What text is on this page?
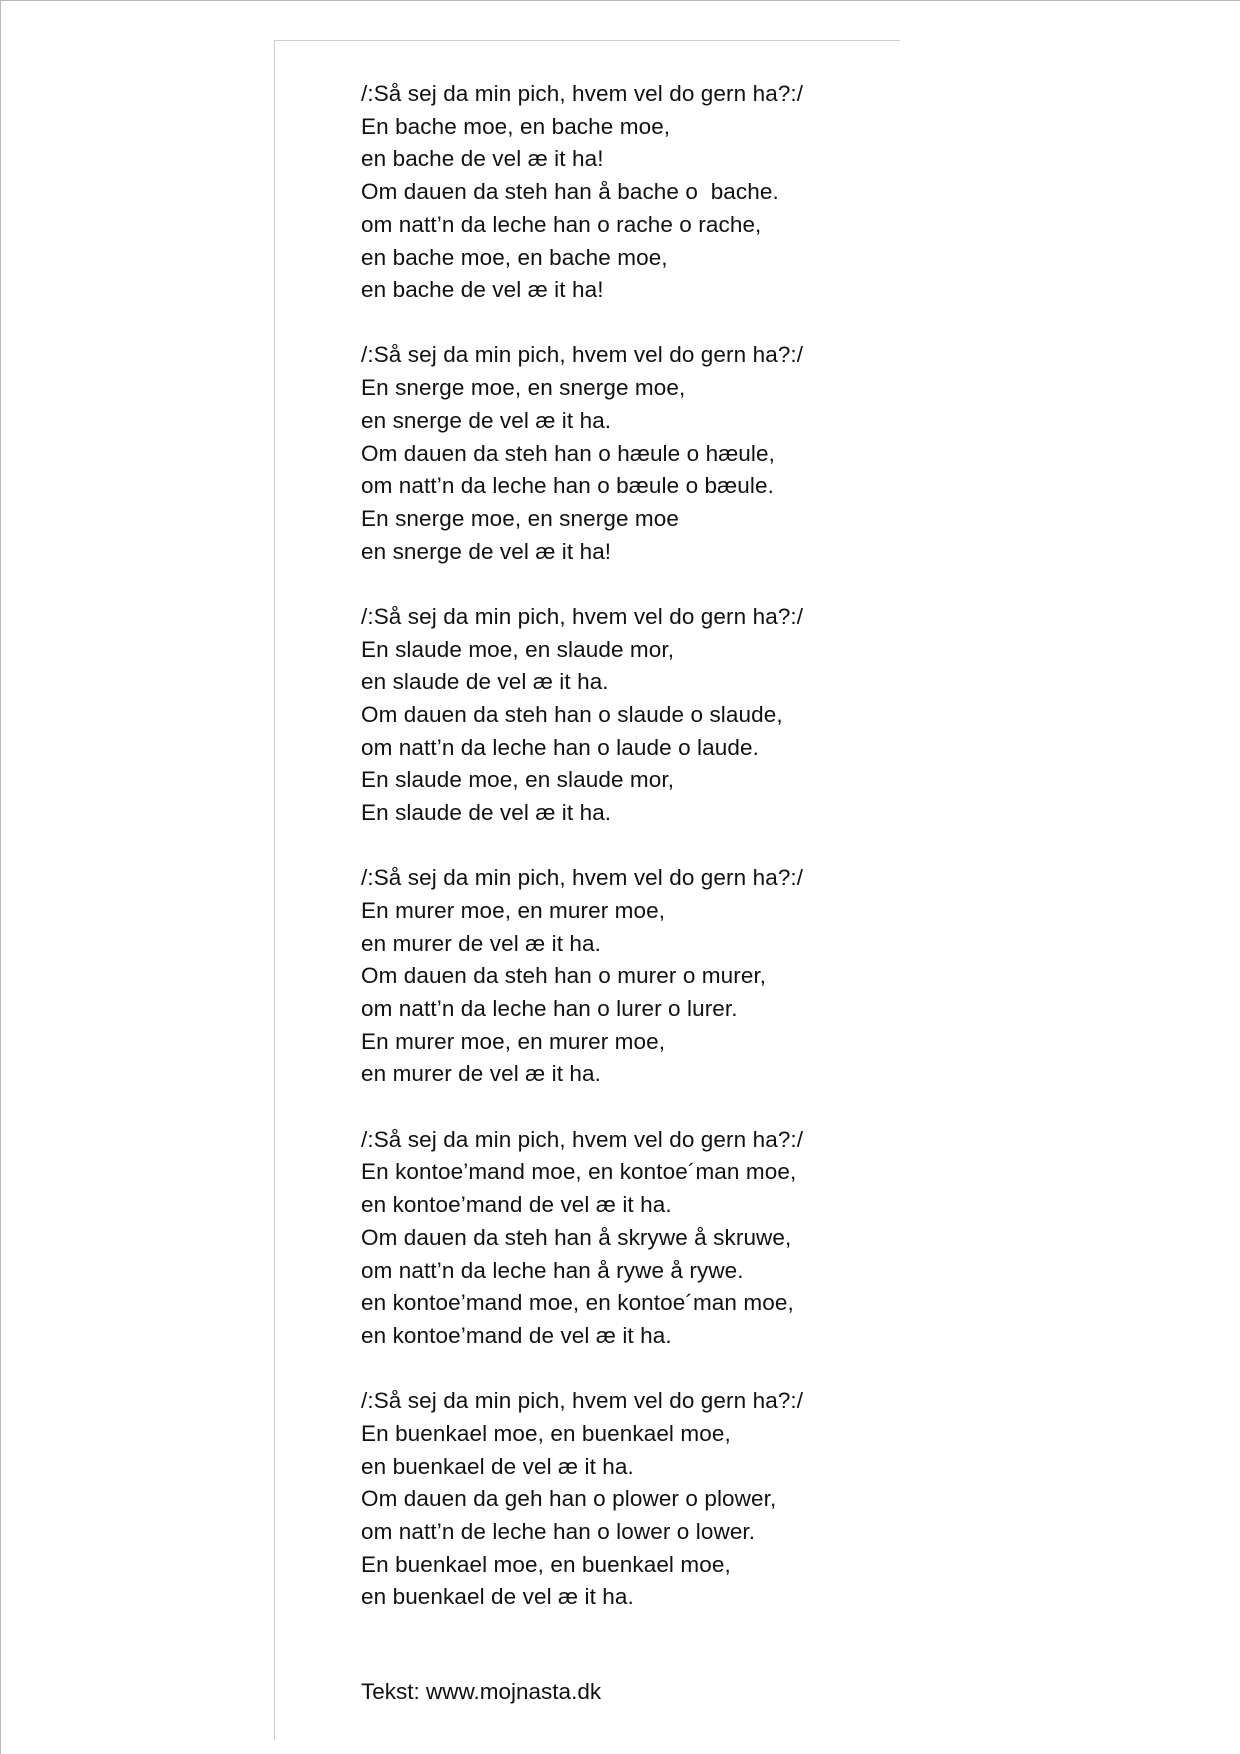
/:Så sej da min pich, hvem vel do gern ha?:/
En bache moe, en bache moe,
en bache de vel æ it ha!
Om dauen da steh han å bache o  bache.
om natt’n da leche han o rache o rache,
en bache moe, en bache moe,
en bache de vel æ it ha!
/:Så sej da min pich, hvem vel do gern ha?:/
En snerge moe, en snerge moe,
en snerge de vel æ it ha.
Om dauen da steh han o hæule o hæule,
om natt’n da leche han o bæule o bæule.
En snerge moe, en snerge moe
en snerge de vel æ it ha!
/:Så sej da min pich, hvem vel do gern ha?:/
En slaude moe, en slaude mor,
en slaude de vel æ it ha.
Om dauen da steh han o slaude o slaude,
om natt’n da leche han o laude o laude.
En slaude moe, en slaude mor,
En slaude de vel æ it ha.
/:Så sej da min pich, hvem vel do gern ha?:/
En murer moe, en murer moe,
en murer de vel æ it ha.
Om dauen da steh han o murer o murer,
om natt’n da leche han o lurer o lurer.
En murer moe, en murer moe,
en murer de vel æ it ha.
/:Så sej da min pich, hvem vel do gern ha?:/
En kontoe’mand moe, en kontoe´man moe,
en kontoe’mand de vel æ it ha.
Om dauen da steh han å skrywe å skruwe,
om natt’n da leche han å rywe å rywe.
en kontoe’mand moe, en kontoe´man moe,
en kontoe’mand de vel æ it ha.
/:Så sej da min pich, hvem vel do gern ha?:/
En buenkael moe, en buenkael moe,
en buenkael de vel æ it ha.
Om dauen da geh han o plower o plower,
om natt’n de leche han o lower o lower.
En buenkael moe, en buenkael moe,
en buenkael de vel æ it ha.
Tekst: www.mojnasta.dk
